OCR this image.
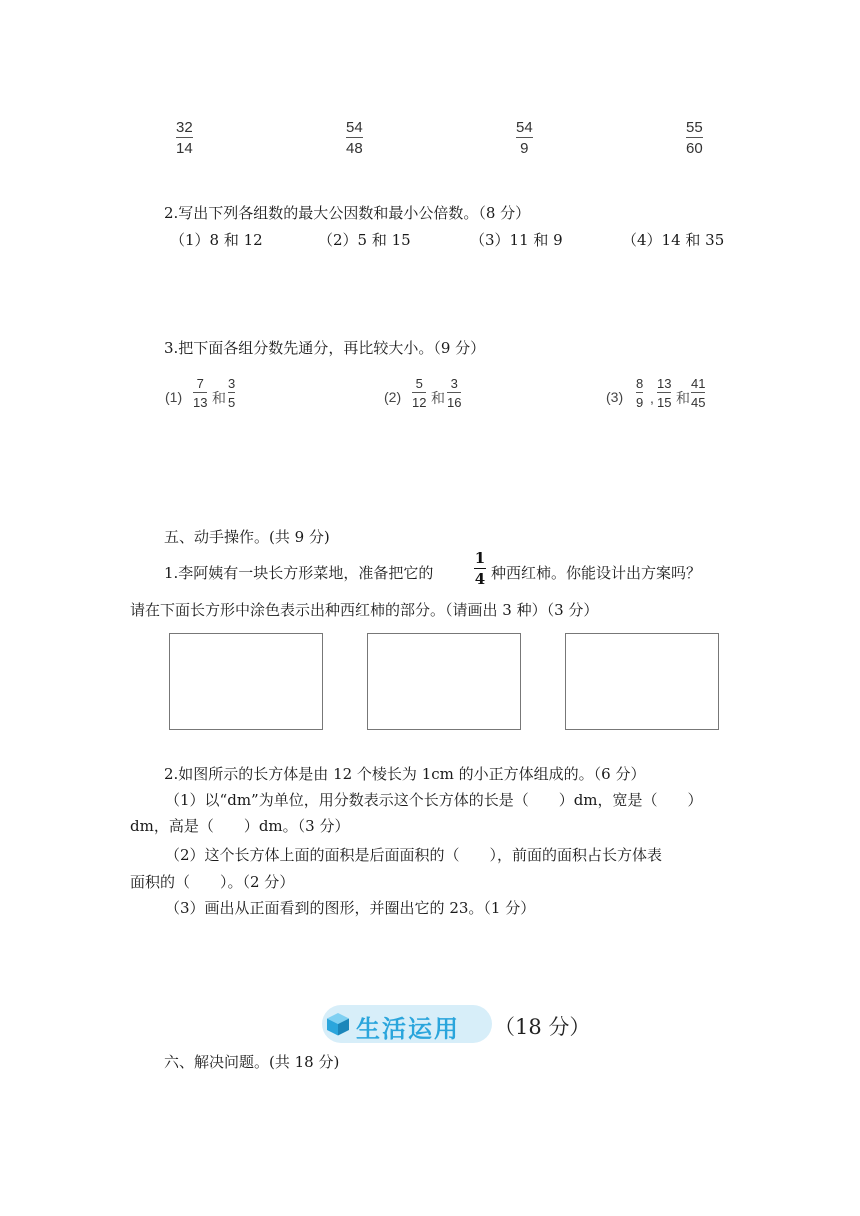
32
14
54
48
54
9
55
60
2.写出下列各组数的最大公因数和最小公倍数。（8 分）
（1）8 和 12	（2）5 和 15	（3）11 和 9	（4）14 和 35
3.把下面各组分数先通分，再比较大小。（9 分）
(1)
7
13 和
3
5	(2)
5
12 和
3
16	(3)
8
9 ,
13
15 和
41
45
五、动手操作。(共 9 分)
1.李阿姨有一块长方形菜地，准备把它的
1
4 种西红柿。你能设计出方案吗？
请在下面长方形中涂色表示出种西红柿的部分。（请画出 3 种）（3 分）
2.如图所示的长方体是由 12 个棱长为 1cm 的小正方体组成的。（6 分）
（1）以“dm”为单位，用分数表示这个长方体的长是（　　）dm，宽是（　　）
dm，高是（　　）dm。（3 分）
（2）这个长方体上面的面积是后面面积的（　　），前面的面积占长方体表
面积的（　　）。（2 分）
（3）画出从正面看到的图形，并圈出它的 23。（1 分）
生活运用 （18 分）
六、解决问题。(共 18 分)
